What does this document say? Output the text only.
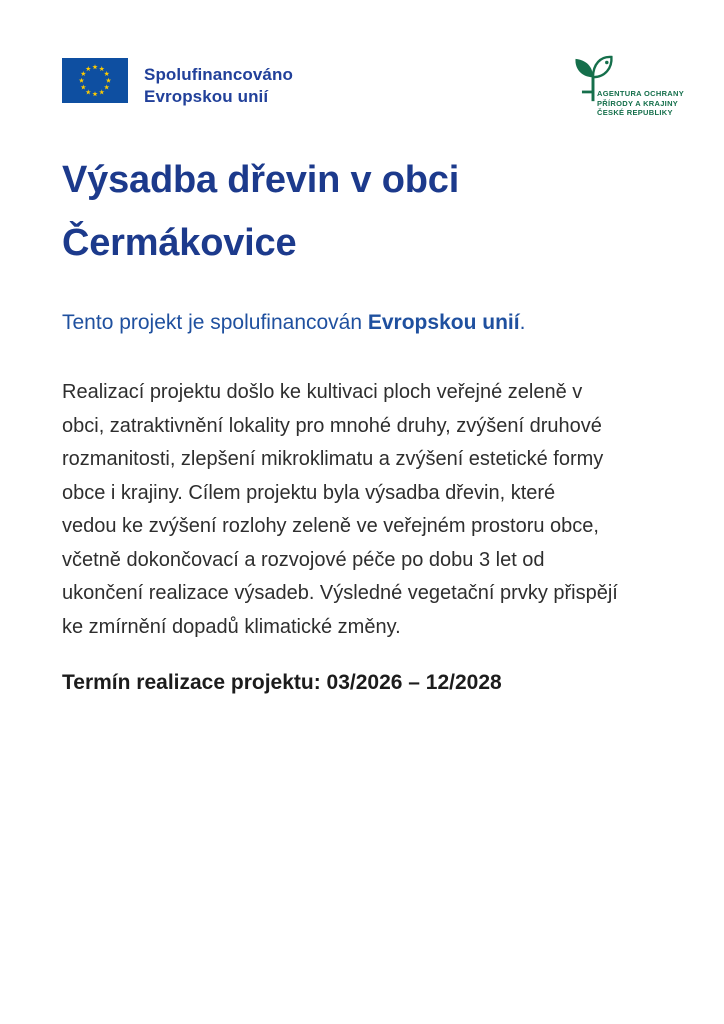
Spolufinancováno
Evropskou unií	AGENTURA OCHRANY
PŘÍRODY A KRAJINY
ČESKÉ REPUBLIKY
Výsadba dřevin v obci
Čermákovice

Tento projekt je spolufinancován Evropskou unií.

Realizací projektu došlo ke kultivaci ploch veřejné zeleně v
obci, zatraktivnění lokality pro mnohé druhy, zvýšení druhové
rozmanitosti, zlepšení mikroklimatu a zvýšení estetické formy
obce i krajiny. Cílem projektu byla výsadba dřevin, které
vedou ke zvýšení rozlohy zeleně ve veřejném prostoru obce,
včetně dokončovací a rozvojové péče po dobu 3 let od
ukončení realizace výsadeb. Výsledné vegetační prvky přispějí
ke zmírnění dopadů klimatické změny.

Termín realizace projektu: 03/2026 – 12/2028
